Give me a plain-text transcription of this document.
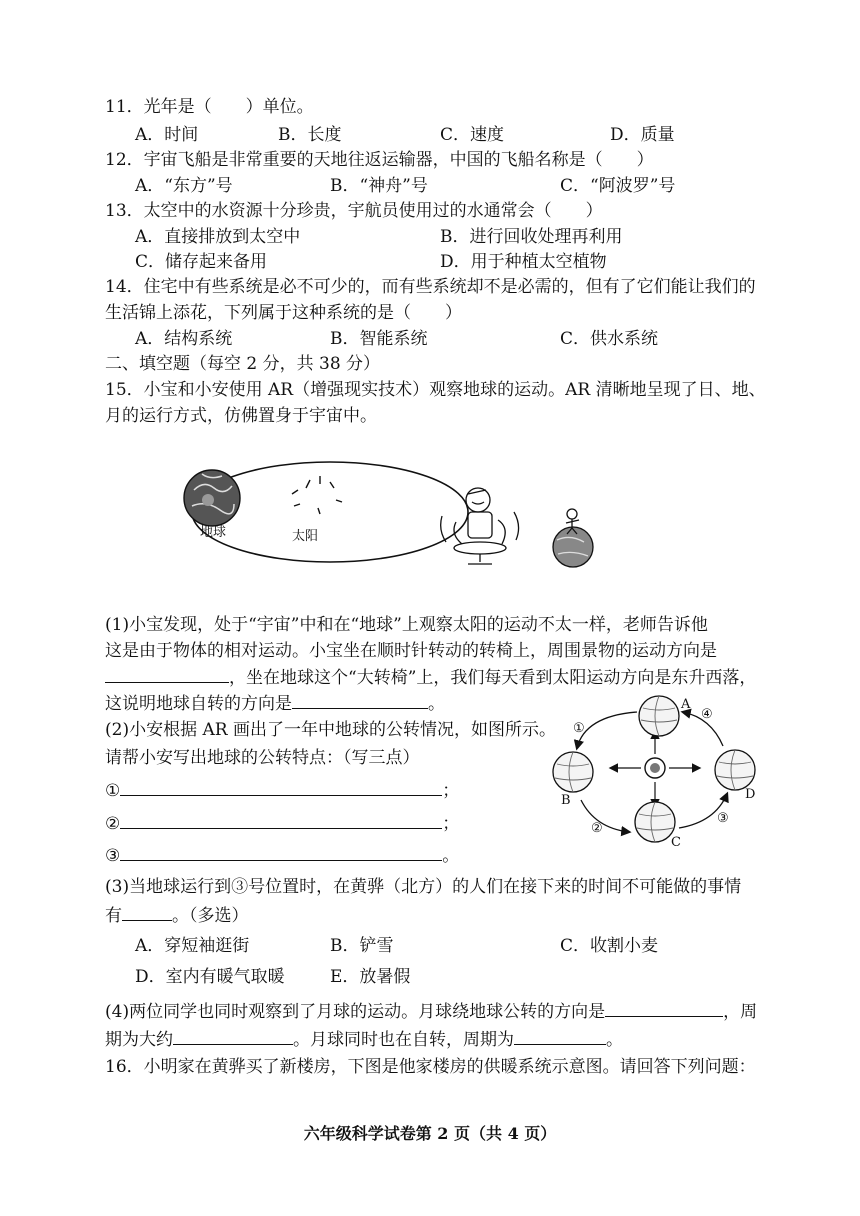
11．光年是（　　）单位。
A．时间	B．长度	C．速度	D．质量
12．宇宙飞船是非常重要的天地往返运输器，中国的飞船名称是（　　）
A．“东方”号	B．“神舟”号	C．“阿波罗”号
13．太空中的水资源十分珍贵，宇航员使用过的水通常会（　　）
A．直接排放到太空中	B．进行回收处理再利用
C．储存起来备用	D．用于种植太空植物
14．住宅中有些系统是必不可少的，而有些系统却不是必需的，但有了它们能让我们的
生活锦上添花，下列属于这种系统的是（　　）
A．结构系统	B．智能系统	C．供水系统
二、填空题（每空 2 分，共 38 分）
15．小宝和小安使用 AR（增强现实技术）观察地球的运动。AR 清晰地呈现了日、地、
月的运行方式，仿佛置身于宇宙中。
地球	太阳
(1)小宝发现，处于“宇宙”中和在“地球”上观察太阳的运动不太一样，老师告诉他
这是由于物体的相对运动。小宝坐在顺时针转动的转椅上，周围景物的运动方向是
，坐在地球这个“大转椅”上，我们每天看到太阳运动方向是东升西落，
这说明地球自转的方向是	。
(2)小安根据 AR 画出了一年中地球的公转情况，如图所示。
请帮小安写出地球的公转特点：（写三点）
①	；
②	；
③	。
A
B
C
D
①
②
③
④
(3)当地球运行到③号位置时，在黄骅（北方）的人们在接下来的时间不可能做的事情
有	。（多选）
A．穿短袖逛街	B．铲雪	C．收割小麦
D．室内有暖气取暖	E．放暑假
(4)两位同学也同时观察到了月球的运动。月球绕地球公转的方向是	，周
期为大约	。月球同时也在自转，周期为	。
16．小明家在黄骅买了新楼房，下图是他家楼房的供暖系统示意图。请回答下列问题：
六年级科学试卷第 2 页（共 4 页）
